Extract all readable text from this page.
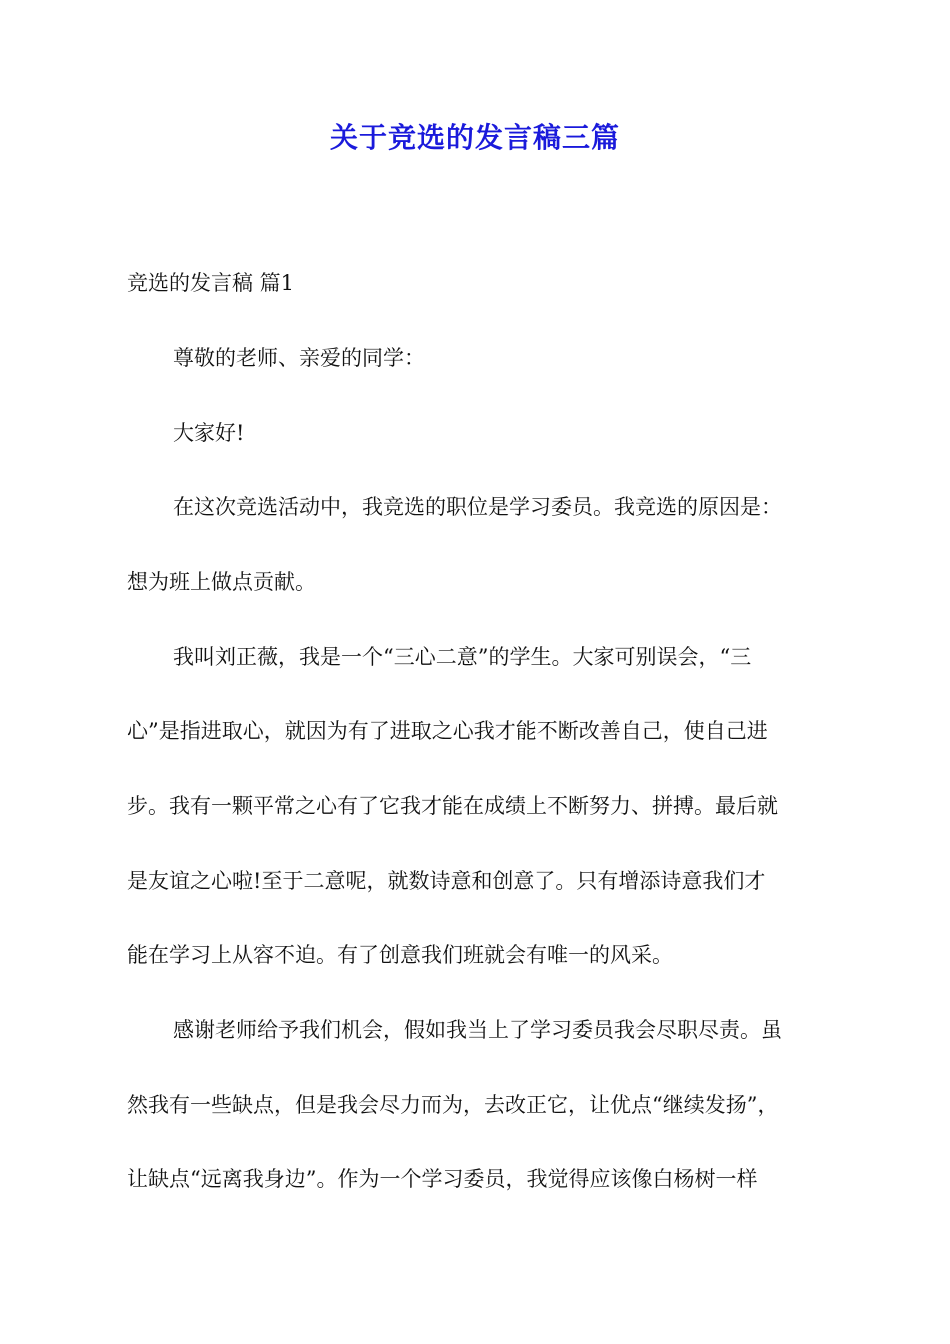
关于竞选的发言稿三篇
竞选的发言稿 篇1
尊敬的老师、亲爱的同学：
大家好!
在这次竞选活动中，我竞选的职位是学习委员。我竞选的原因是：
想为班上做点贡献。
我叫刘正薇，我是一个“三心二意”的学生。大家可别误会，“三
心”是指进取心，就因为有了进取之心我才能不断改善自己，使自己进
步。我有一颗平常之心有了它我才能在成绩上不断努力、拼搏。最后就
是友谊之心啦!至于二意呢，就数诗意和创意了。只有增添诗意我们才
能在学习上从容不迫。有了创意我们班就会有唯一的风采。
感谢老师给予我们机会，假如我当上了学习委员我会尽职尽责。虽
然我有一些缺点，但是我会尽力而为，去改正它，让优点“继续发扬”，
让缺点“远离我身边”。作为一个学习委员，我觉得应该像白杨树一样
